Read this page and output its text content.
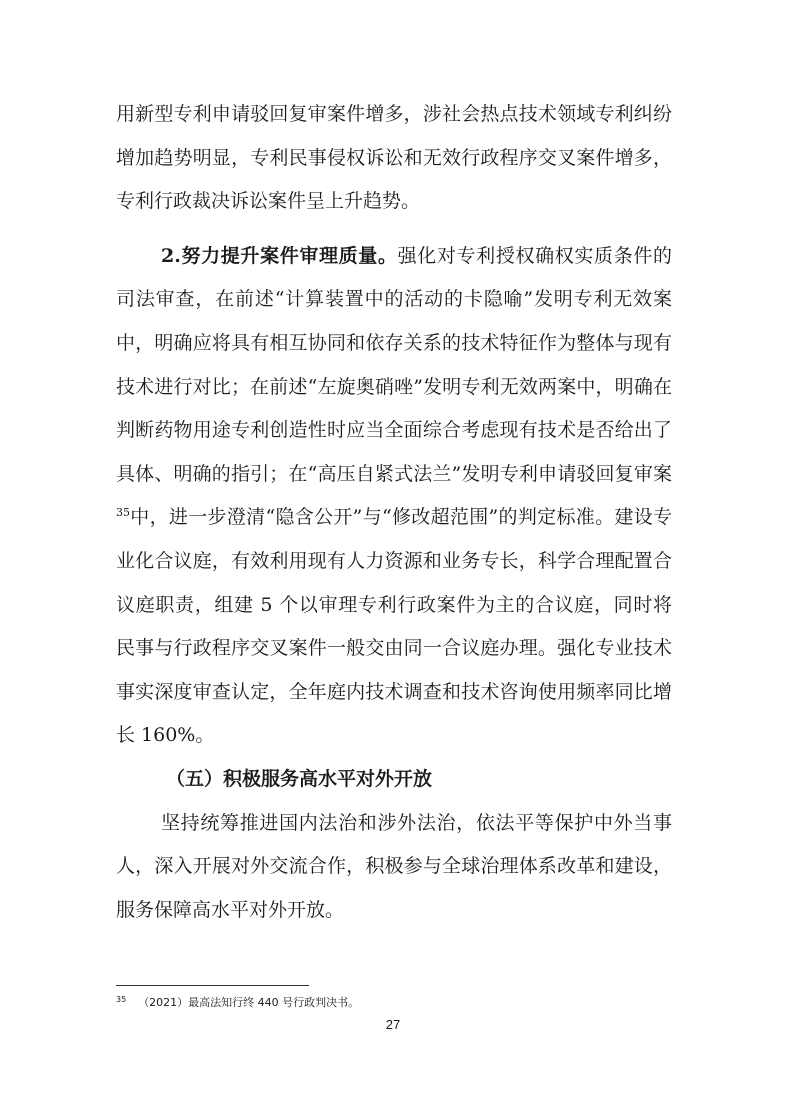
用新型专利申请驳回复审案件增多，涉社会热点技术领域专利纠纷增加趋势明显，专利民事侵权诉讼和无效行政程序交叉案件增多，专利行政裁决诉讼案件呈上升趋势。

2.努力提升案件审理质量。强化对专利授权确权实质条件的司法审查，在前述“计算装置中的活动的卡隐喻”发明专利无效案中，明确应将具有相互协同和依存关系的技术特征作为整体与现有技术进行对比；在前述“左旋奥硝唑”发明专利无效两案中，明确在判断药物用途专利创造性时应当全面综合考虑现有技术是否给出了具体、明确的指引；在“高压自紧式法兰”发明专利申请驳回复审案$^{35}$中，进一步澄清“隐含公开”与“修改超范围”的判定标准。建设专业化合议庭，有效利用现有人力资源和业务专长，科学合理配置合议庭职责，组建 5 个以审理专利行政案件为主的合议庭，同时将民事与行政程序交叉案件一般交由同一合议庭办理。强化专业技术事实深度审查认定，全年庭内技术调查和技术咨询使用频率同比增长 160%。

（五）积极服务高水平对外开放

坚持统筹推进国内法治和涉外法治，依法平等保护中外当事人，深入开展对外交流合作，积极参与全球治理体系改革和建设，服务保障高水平对外开放。

$^{35}$ （2021）最高法知行终 440 号行政判决书。
27
